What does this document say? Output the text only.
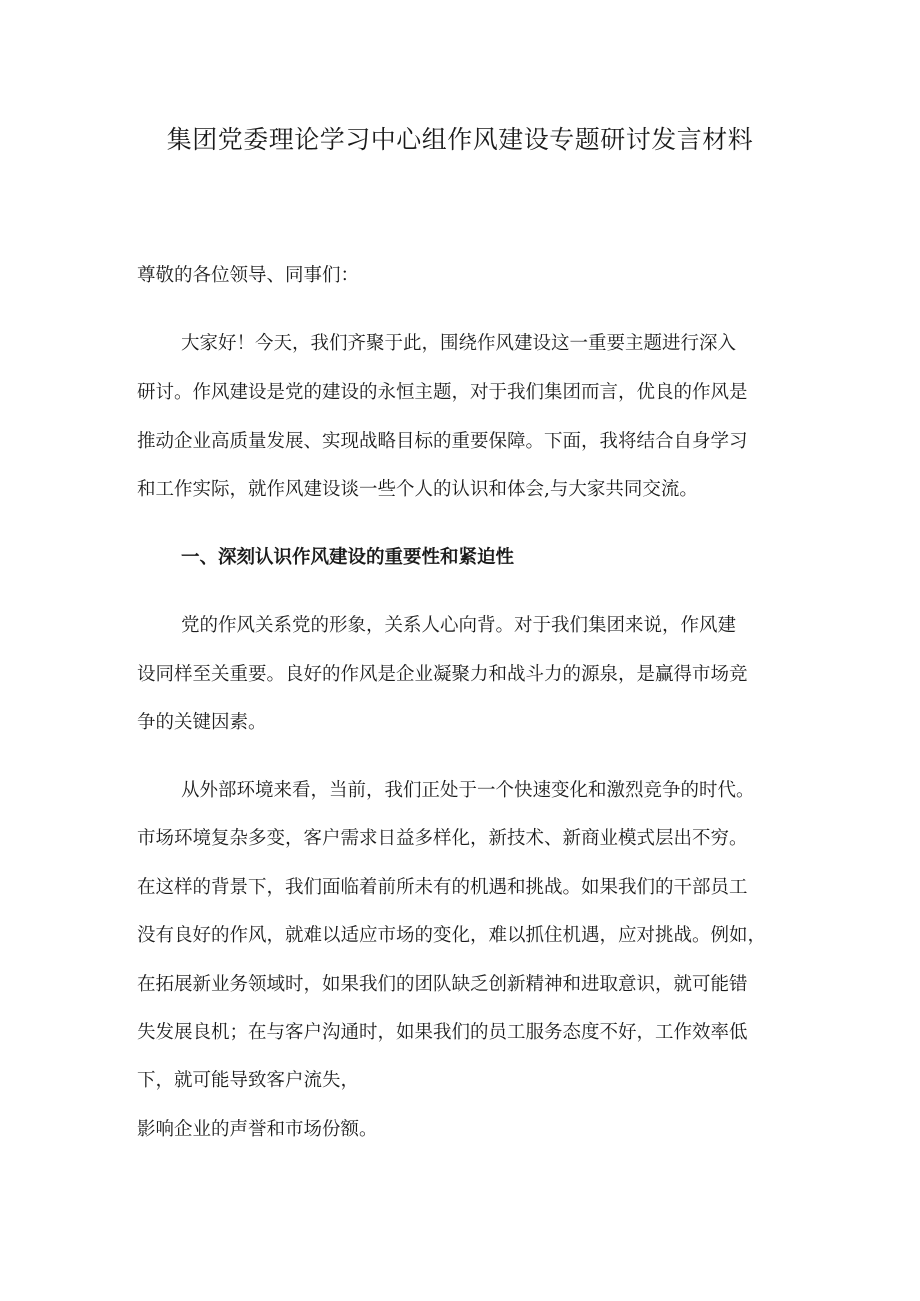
集团党委理论学习中心组作风建设专题研讨发言材料
尊敬的各位领导、同事们：
大家好！今天，我们齐聚于此，围绕作风建设这一重要主题进行深入
研讨。作风建设是党的建设的永恒主题，对于我们集团而言，优良的作风是
推动企业高质量发展、实现战略目标的重要保障。下面，我将结合自身学习
和工作实际，就作风建设谈一些个人的认识和体会,与大家共同交流。
一、深刻认识作风建设的重要性和紧迫性
党的作风关系党的形象，关系人心向背。对于我们集团来说，作风建
设同样至关重要。良好的作风是企业凝聚力和战斗力的源泉，是赢得市场竞
争的关键因素。
从外部环境来看，当前，我们正处于一个快速变化和激烈竞争的时代。
市场环境复杂多变，客户需求日益多样化，新技术、新商业模式层出不穷。
在这样的背景下，我们面临着前所未有的机遇和挑战。如果我们的干部员工
没有良好的作风，就难以适应市场的变化，难以抓住机遇，应对挑战。例如，
在拓展新业务领域时，如果我们的团队缺乏创新精神和进取意识，就可能错
失发展良机；在与客户沟通时，如果我们的员工服务态度不好，工作效率低
下，就可能导致客户流失，
影响企业的声誉和市场份额。
